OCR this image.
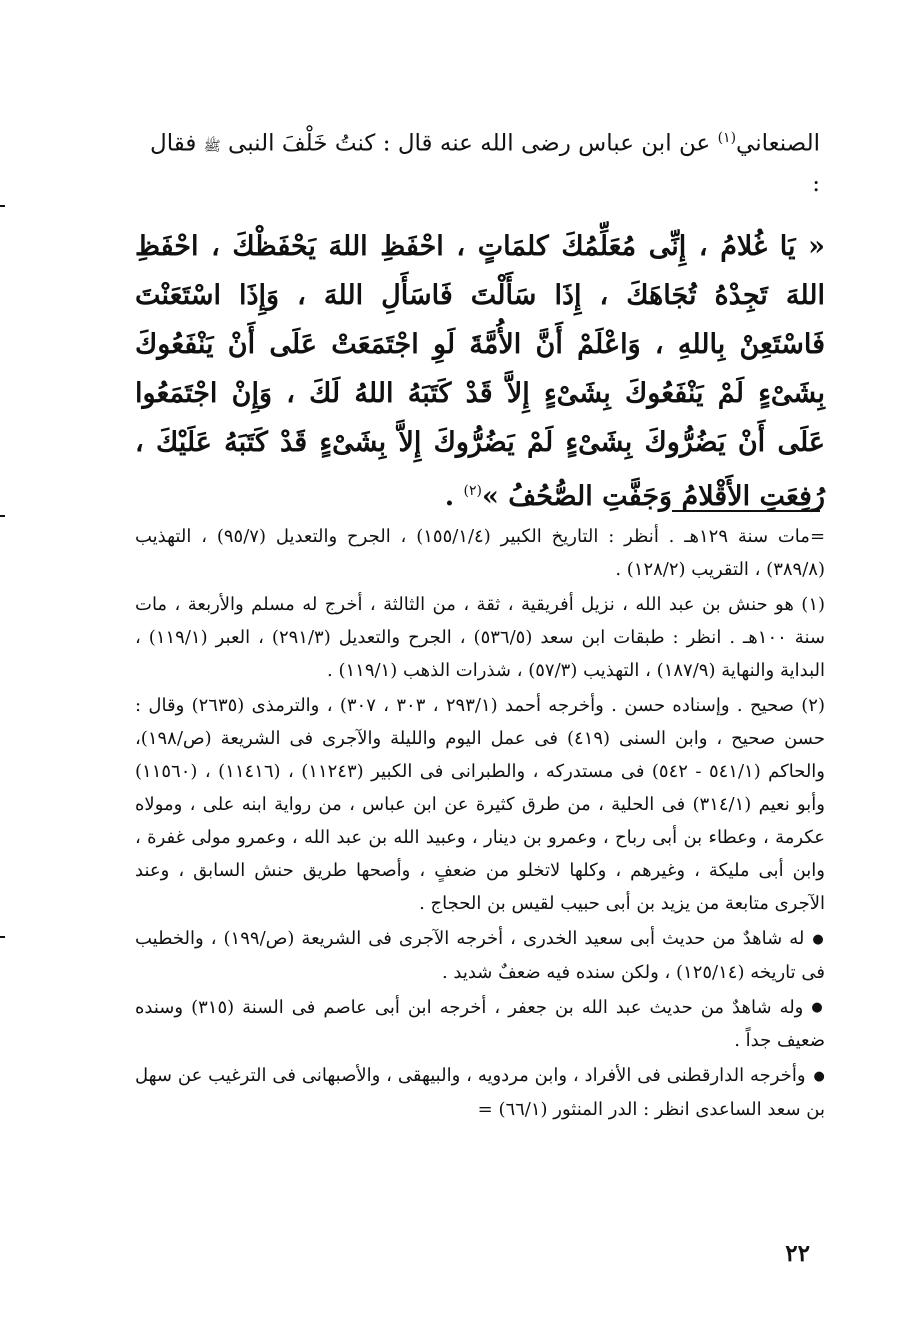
الصنعاني$^{(١)}$ عن ابن عباس رضى الله عنه قال : كنتُ خَلْفَ النبى ﷺ فقال :

« يَا غُلامُ ، إِنِّى مُعَلِّمُكَ كلمَاتٍ ، احْفَظِ اللهَ يَحْفَظْكَ ، احْفَظِ اللهَ تَجِدْهُ تُجَاهَكَ ، إِذَا سَأَلْتَ فَاسَأَلِ اللهَ ، وَإِذَا اسْتَعَنْتَ فَاسْتَعِنْ بِاللهِ ، وَاعْلَمْ أَنَّ الأُمَّةَ لَوِ اجْتَمَعَتْ عَلَى أَنْ يَنْفَعُوكَ بِشَىْءٍ لَمْ يَنْفَعُوكَ بِشَىْءٍ إِلاَّ قَدْ كَتَبَهُ اللهُ لَكَ ، وَإِنْ اجْتَمَعُوا عَلَى أَنْ يَضُرُّوكَ بِشَىْءٍ لَمْ يَضُرُّوكَ إِلاَّ بِشَىْءٍ قَدْ كَتَبَهُ عَلَيْكَ ، رُفِعَتِ الأَقْلامُ وَجَفَّتِ الصُّحُفُ »$^{(٢)}$ .

=مات سنة ١٢٩هـ . أنظر : التاريخ الكبير (١٥٥/١/٤) ، الجرح والتعديل (٩٥/٧) ، التهذيب (٣٨٩/٨) ، التقريب (١٢٨/٢) .

(١) هو حنش بن عبد الله ، نزيل أفريقية ، ثقة ، من الثالثة ، أخرج له مسلم والأربعة ، مات سنة ١٠٠هـ . انظر : طبقات ابن سعد (٥٣٦/٥) ، الجرح والتعديل (٢٩١/٣) ، العبر (١١٩/١) ، البداية والنهاية (١٨٧/٩) ، التهذيب (٥٧/٣) ، شذرات الذهب (١١٩/١) .

(٢) صحيح . وإسناده حسن . وأخرجه أحمد (٢٩٣/١ ، ٣٠٣ ، ٣٠٧) ، والترمذى (٢٦٣٥) وقال : حسن صحيح ، وابن السنى (٤١٩) فى عمل اليوم والليلة والآجرى فى الشريعة (ص/١٩٨)، والحاكم (٥٤١/١ - ٥٤٢) فى مستدركه ، والطبرانى فى الكبير (١١٢٤٣) ، (١١٤١٦) ، (١١٥٦٠) وأبو نعيم (٣١٤/١) فى الحلية ، من طرق كثيرة عن ابن عباس ، من رواية ابنه على ، ومولاه عكرمة ، وعطاء بن أبى رباح ، وعمرو بن دينار ، وعبيد الله بن عبد الله ، وعمرو مولى غفرة ، وابن أبى مليكة ، وغيرهم ، وكلها لاتخلو من ضعفٍ ، وأصحها طريق حنش السابق ، وعند الآجرى متابعة من يزيد بن أبى حبيب لقيس بن الحجاج .

● له شاهدٌ من حديث أبى سعيد الخدرى ، أخرجه الآجرى فى الشريعة (ص/١٩٩) ، والخطيب فى تاريخه (١٢٥/١٤) ، ولكن سنده فيه ضعفٌ شديد .

● وله شاهدٌ من حديث عبد الله بن جعفر ، أخرجه ابن أبى عاصم فى السنة (٣١٥) وسنده ضعيف جداً .

● وأخرجه الدارقطنى فى الأفراد ، وابن مردويه ، والبيهقى ، والأصبهانى فى الترغيب عن سهل بن سعد الساعدى انظر : الدر المنثور (٦٦/١) =

٢٢
